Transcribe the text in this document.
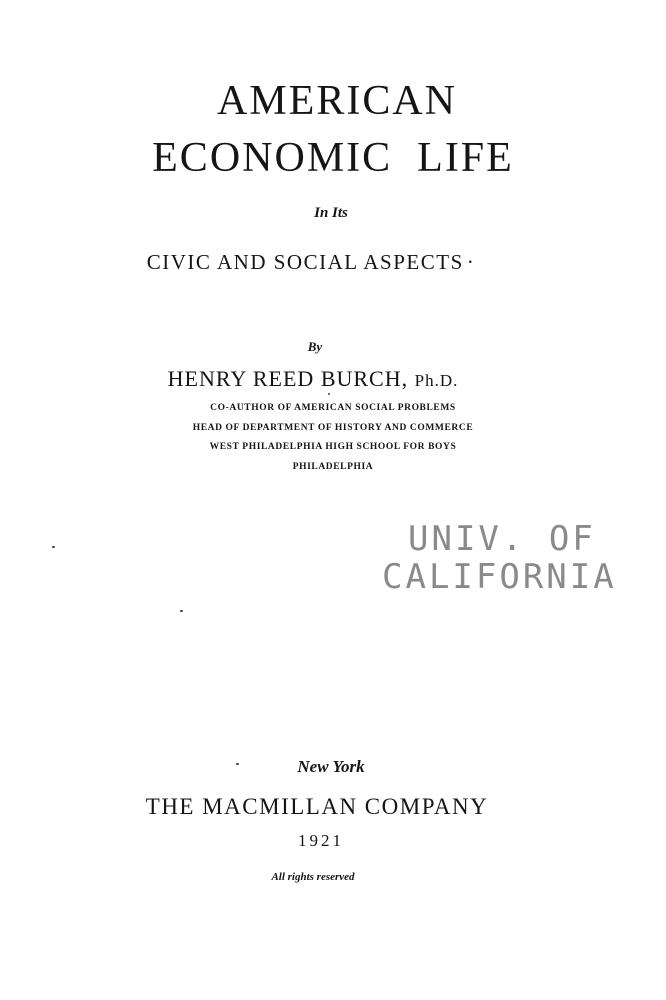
AMERICAN
ECONOMIC  LIFE
In Its
CIVIC AND SOCIAL ASPECTS ·
By
HENRY REED BURCH, Ph.D.
CO-AUTHOR OF AMERICAN SOCIAL PROBLEMS
HEAD OF DEPARTMENT OF HISTORY AND COMMERCE
WEST PHILADELPHIA HIGH SCHOOL FOR BOYS
PHILADELPHIA
UNIV. OF
CALIFORNIA
New York
THE MACMILLAN COMPANY
1921
All rights reserved
